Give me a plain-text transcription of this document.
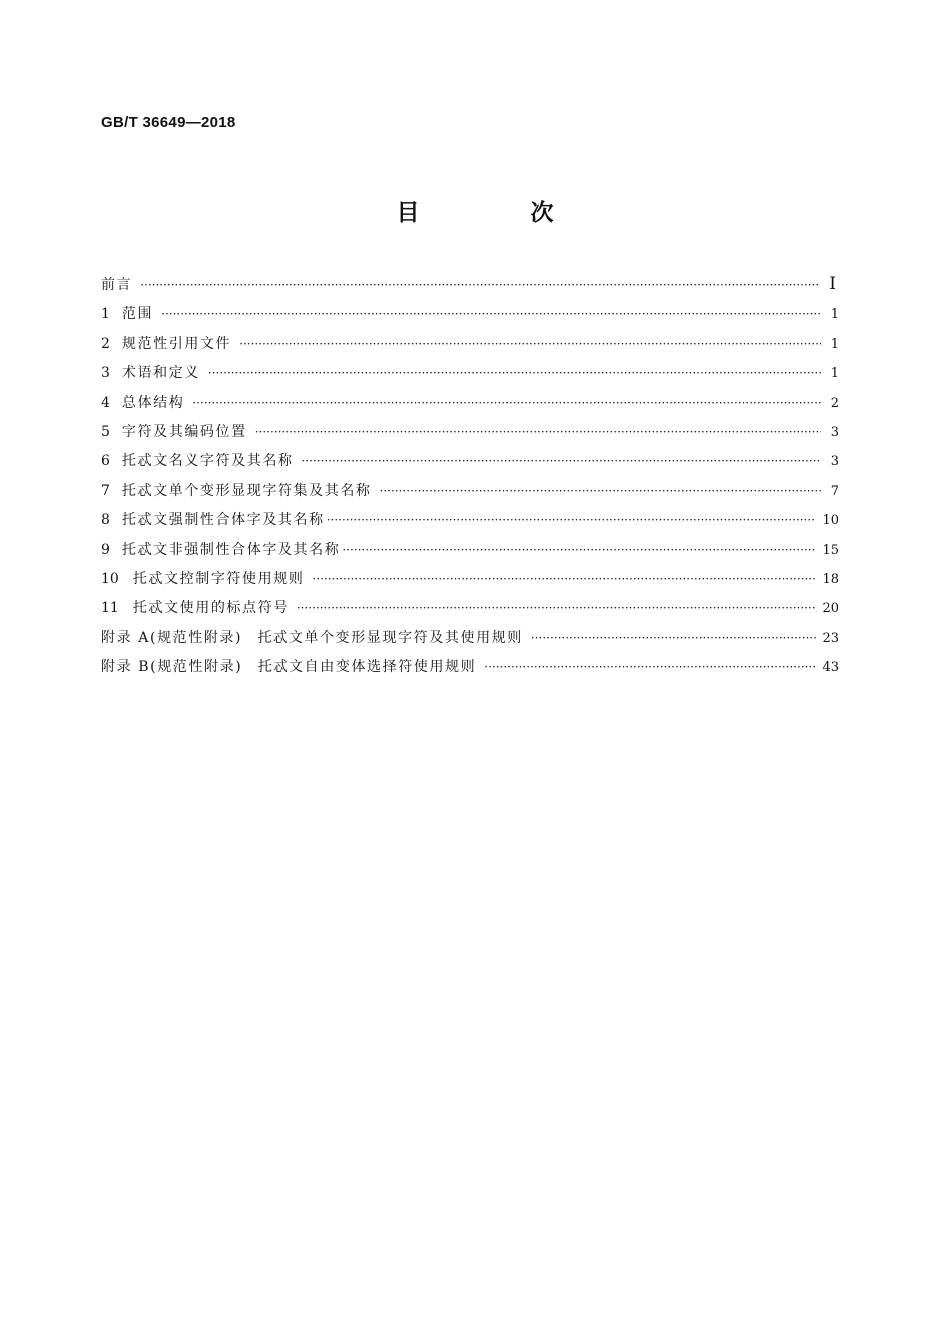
GB/T 36649—2018
目　次
前言 ·····	Ⅰ
1 范围 ·····	1
2 规范性引用文件 ·····	1
3 术语和定义 ·····	1
4 总体结构 ·····	2
5 字符及其编码位置 ·····	3
6 托忒文名义字符及其名称 ·····	3
7 托忒文单个变形显现字符集及其名称 ·····	7
8 托忒文强制性合体字及其名称 ·····	10
9 托忒文非强制性合体字及其名称 ·····	15
10 托忒文控制字符使用规则 ·····	18
11 托忒文使用的标点符号 ·····	20
附录 A(规范性附录)　托忒文单个变形显现字符及其使用规则 ·····	23
附录 B(规范性附录)　托忒文自由变体选择符使用规则 ·····	43
